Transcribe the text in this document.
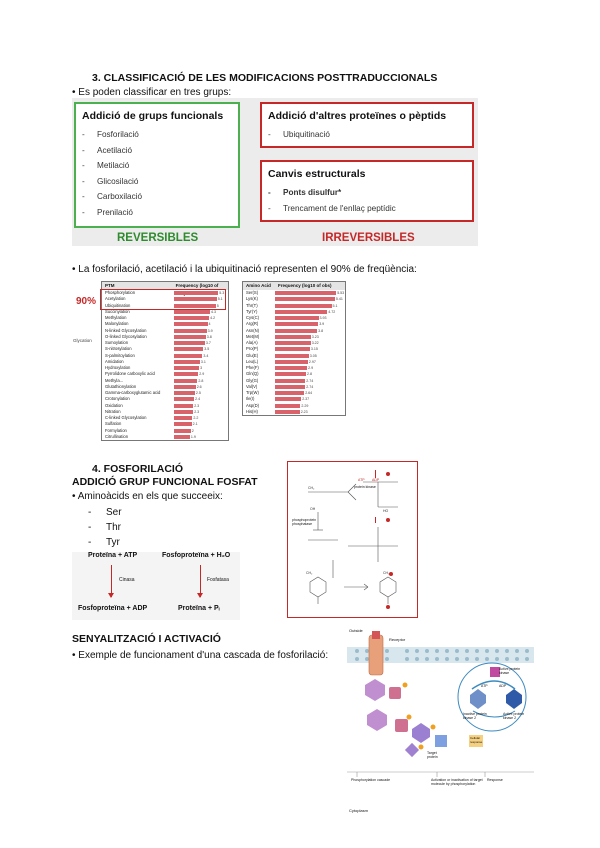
3. CLASSIFICACIÓ DE LES MODIFICACIONS POSTTRADUCCIONALS
• Es poden classificar en tres grups:
Addició de grups funcionals
- Fosforilació
- Acetilació
- Metilació
- Glicosilació
- Carboxilació
- Prenilació
Addició d'altres proteïnes o pèptids
- Ubiquitinació
Canvis estructurals
- Ponts disulfur*
- Trencament de l'enllaç peptídic
REVERSIBLES	IRREVERSIBLES
• La fosforilació, acetilació i la ubiquitinació representen el 90% de freqüència:
90%
Glycation
PTM	Frequency (log10 of
Phosphorylation	5.3
Acetylation	5.1
Ubiquitination	5
Succinylation	4.3
Methylation	4.2
Malonylation	4
N-linked Glycosylation	3.9
O-linked Glycosylation	3.8
Sumoylation	3.7
S-nitrosylation	3.5
S-palmitoylation	3.4
Amidation	3.1
Hydroxylation	3
Pyrrolidone carboxylic acid	2.9
Methyla...	2.8
Glutathionylation	2.6
Gamma-carboxyglutamic acid	2.5
Crotonylation	2.4
Oxidation	2.3
Nitration	2.3
C-linked Glycosylation	2.2
Sulfation	2.1
Formylation	2
Citrullination	1.9
Amino Acid	Frequency (log10 of obs)
Ser(S)	5.53
Lys(K)	5.41
Thr(T)	5.1
Tyr(Y)	4.72
Cys(C)	3.93
Arg(R)	3.9
Asn(N)	3.8
Met(M)	3.23
Ala(A)	3.22
Pro(P)	3.15
Glu(E)	3.05
Leu(L)	2.97
Phe(F)	2.9
Gln(Q)	2.8
Gly(G)	2.74
Val(V)	2.74
Trp(W)	2.64
Ile(I)	2.37
Asp(D)	2.29
His(H)	2.23
4. FOSFORILACIÓ
ADDICIÓ GRUP FUNCIONAL FOSFAT
• Aminoàcids en els que succeeix:
- Ser
- Thr
- Tyr
Proteïna + ATP	Fosfoproteïna + H₂O
Cinasa	Fosfatasa
Fosfoproteïna + ADP	Proteïna + Pᵢ
CH₂
HO
OH
CH₂	CH₂
ATP ADP
protein kinase
phosphoprotein phosphatase
SENYALITZACIÓ I ACTIVACIÓ
• Exemple de funcionament d'una cascada de fosforilació:
Outside
Receptor
Active protein kinase
ATP	ADP
Inactive protein kinase 2
Active protein kinase 2
Target protein
Cellular response
Phosphorylation cascade	Activation or inactivation of target molecule by phosphorylation
Response
Cytoplasm
